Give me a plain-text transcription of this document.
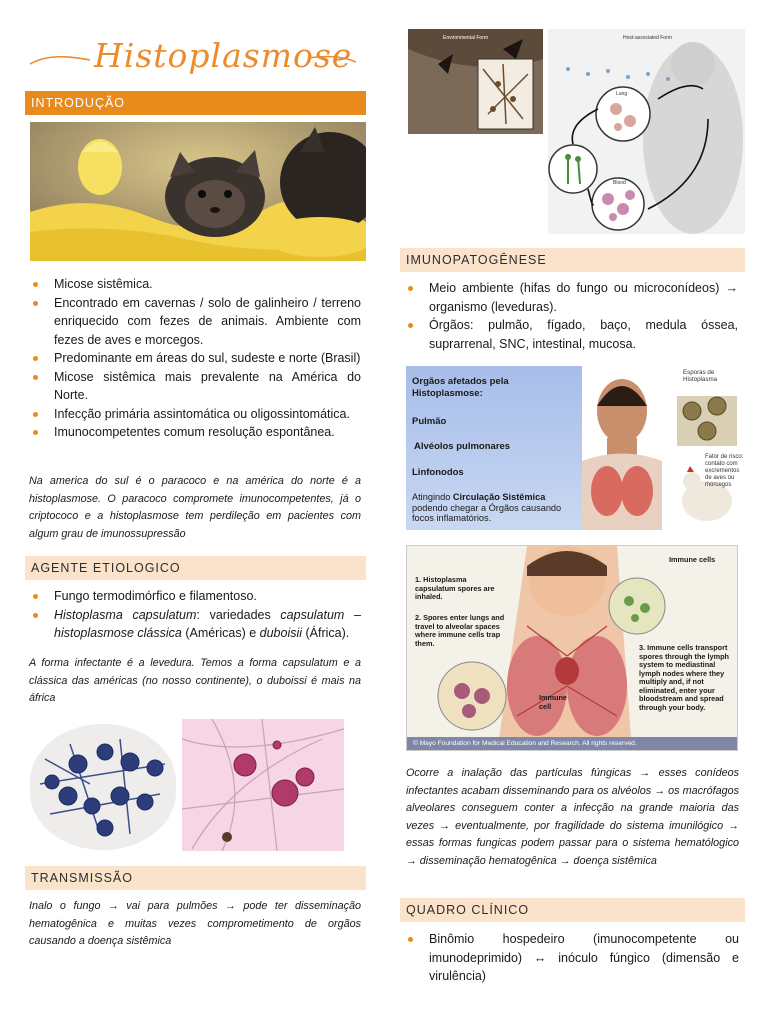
Histoplasmose
INTRODUÇÃO
Micose sistêmica.
Encontrado em cavernas / solo de galinheiro / terreno enriquecido com fezes de animais. Ambiente com fezes de aves e morcegos.
Predominante em áreas do sul, sudeste e norte (Brasil)
Micose sistêmica mais prevalente na América do Norte.
Infecção primária assintomática ou oligossintomática.
Imunocompetentes comum resolução espontânea.

Na america do sul é o paracoco e na américa do norte é a histoplasmose. O paracoco compromete imunocompetentes, já o criptococo e a histoplasmose tem perdileção em pacientes com algum grau de imunossupressão

AGENTE ETIOLOGICO
Fungo termodimórfico e filamentoso.
Histoplasma capsulatum: variedades capsulatum – histoplasmose clássica (Américas) e duboisii (África).

A forma infectante é a levedura. Temos a forma capsulatum e a clássica das américas (no nosso continente), o duboissi é mais na áfrica

TRANSMISSÃO

Inalo o fungo → vai para pulmões → pode ter disseminação hematogênica e muitas vezes comprometimento de orgãos causando a doença sistêmica

Environmental Form	Host-associated Form
Lung
Blood
IMUNOPATOGÊNESE
Meio ambiente (hifas do fungo ou microconídeos) → organismo (leveduras).
Órgãos: pulmão, fígado, baço, medula óssea, suprarrenal, SNC, intestinal, mucosa.
Orgãos afetados pela Histoplasmose:
Pulmão
Alvéolos pulmonares
Linfonodos
Atingindo Circulação Sistêmica podendo chegar a Órgãos causando focos inflamatórios.
Esporas de Histoplasma
Fator de risco: contato com excrementos de aves ou morcegos
1. Histoplasma capsulatum spores are inhaled.
2. Spores enter lungs and travel to alveolar spaces where immune cells trap them.	3. Immune cells transport spores through the lymph system to mediastinal lymph nodes where they multiply and, if not eliminated, enter your bloodstream and spread through your body.
Immune cells
Immune cell
© Mayo Foundation for Medical Education and Research. All rights reserved.

Ocorre a inalação das partículas fúngicas → esses conídeos infectantes acabam disseminando para os alvéolos → os macrófagos alveolares conseguem conter a infecção na grande maioria das vezes → eventualmente, por fragilidade do sistema imunilógico → essas formas fungicas podem passar para o sistema hematólogico → disseminação hematogênica → doença sistêmica

QUADRO CLÍNICO
Binômio hospedeiro (imunocompetente ou imunodeprimido) ↔ inóculo fúngico (dimensão e virulência)
